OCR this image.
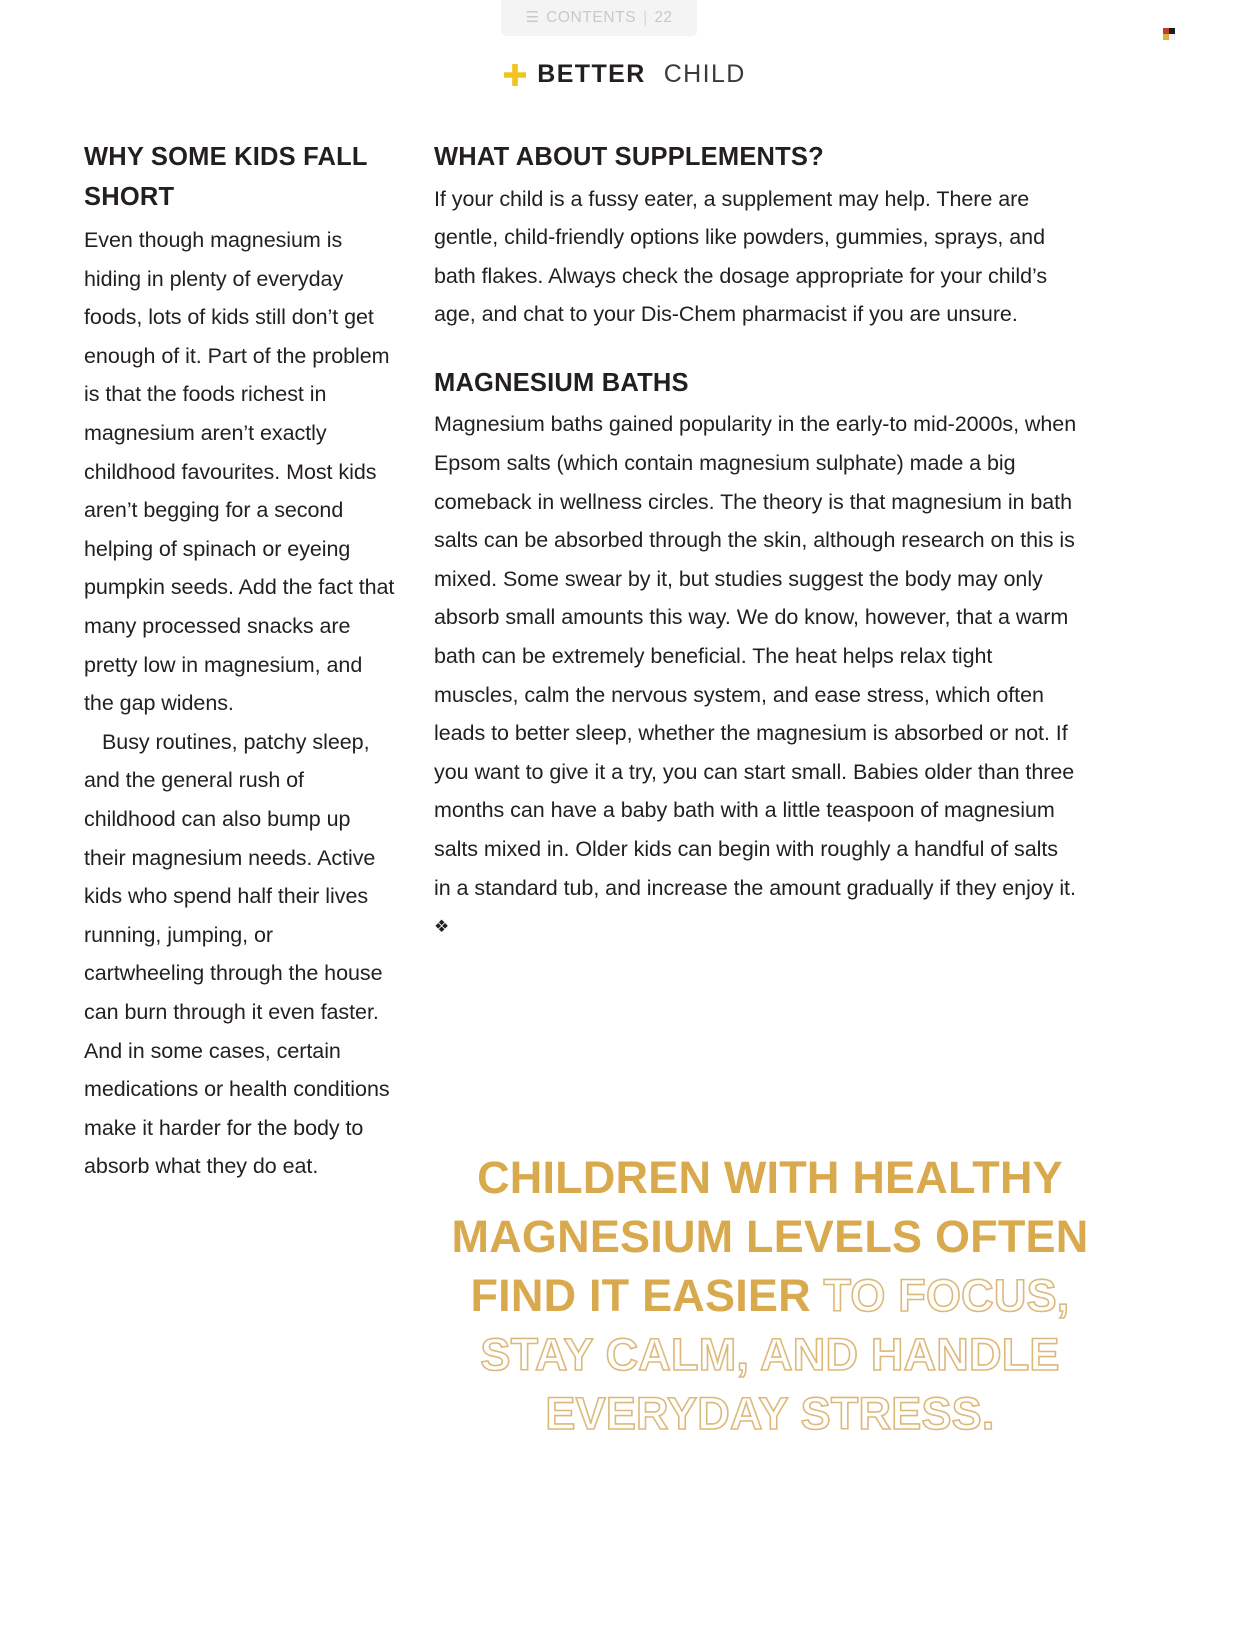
☰ CONTENTS | 22
BETTER CHILD
WHY SOME KIDS FALL SHORT

Even though magnesium is hiding in plenty of everyday foods, lots of kids still don’t get enough of it. Part of the problem is that the foods richest in magnesium aren’t exactly childhood favourites. Most kids aren’t begging for a second helping of spinach or eyeing pumpkin seeds. Add the fact that many processed snacks are pretty low in magnesium, and the gap widens.

Busy routines, patchy sleep, and the general rush of childhood can also bump up their magnesium needs. Active kids who spend half their lives running, jumping, or cartwheeling through the house can burn through it even faster. And in some cases, certain medications or health conditions make it harder for the body to absorb what they do eat.

WHAT ABOUT SUPPLEMENTS?

If your child is a fussy eater, a supplement may help. There are gentle, child-friendly options like powders, gummies, sprays, and bath flakes. Always check the dosage appropriate for your child’s age, and chat to your Dis-Chem pharmacist if you are unsure.

MAGNESIUM BATHS

Magnesium baths gained popularity in the early-to mid-2000s, when Epsom salts (which contain magnesium sulphate) made a big comeback in wellness circles. The theory is that magnesium in bath salts can be absorbed through the skin, although research on this is mixed. Some swear by it, but studies suggest the body may only absorb small amounts this way. We do know, however, that a warm bath can be extremely beneficial. The heat helps relax tight muscles, calm the nervous system, and ease stress, which often leads to better sleep, whether the magnesium is absorbed or not. If you want to give it a try, you can start small. Babies older than three months can have a baby bath with a little teaspoon of magnesium salts mixed in. Older kids can begin with roughly a handful of salts in a standard tub, and increase the amount gradually if they enjoy it. ❖

CHILDREN WITH HEALTHY MAGNESIUM LEVELS OFTEN FIND IT EASIER TO FOCUS, STAY CALM, AND HANDLE EVERYDAY STRESS.
